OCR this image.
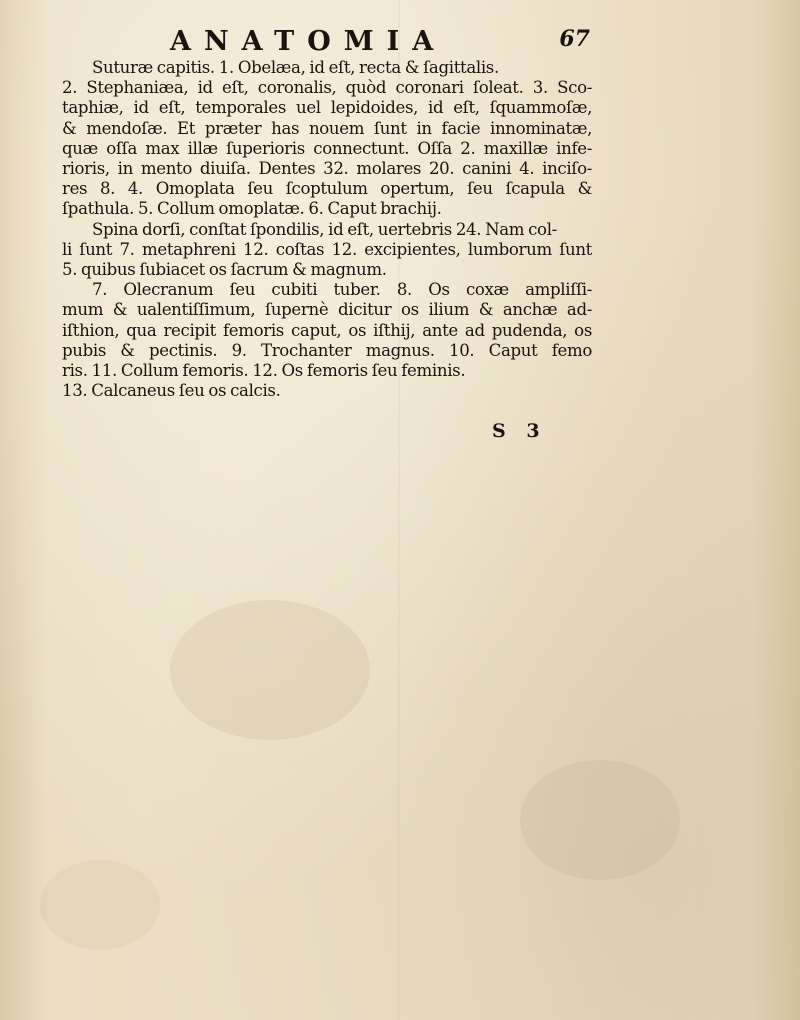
ANATOMIA	67
Suturæ capitis. 1. Obelæa, id eſt, recta & ſagittalis.
2. Stephaniæa, id eſt, coronalis, quòd coronari ſoleat. 3. Sco-
taphiæ, id eſt, temporales uel lepidoides, id eſt, ſquammoſæ,
& mendoſæ. Et præter has nouem ſunt in facie innominatæ,
quæ oſſa max illæ ſuperioris connectunt. Oſſa 2. maxillæ infe-
rioris, in mento diuiſa. Dentes 32. molares 20. canini 4. inciſo-
res 8. 4. Omoplata ſeu ſcoptulum opertum, ſeu ſcapula &
ſpathula. 5. Collum omoplatæ. 6. Caput brachij.
Spina dorſi, conſtat ſpondilis, id eſt, uertebris 24. Nam col-
li ſunt 7. metaphreni 12. coſtas 12. excipientes, lumborum ſunt
5. quibus ſubiacet os ſacrum & magnum.
7. Olecranum ſeu cubiti tuber. 8. Os coxæ ampliſſi-
mum & ualentiſſimum, ſupernè dicitur os ilium & anchæ ad-
iſthion, qua recipit femoris caput, os iſthij, ante ad pudenda, os
pubis & pectinis. 9. Trochanter magnus. 10. Caput femo
ris. 11. Collum femoris. 12. Os femoris ſeu feminis.
13. Calcaneus ſeu os calcis.
S 3
